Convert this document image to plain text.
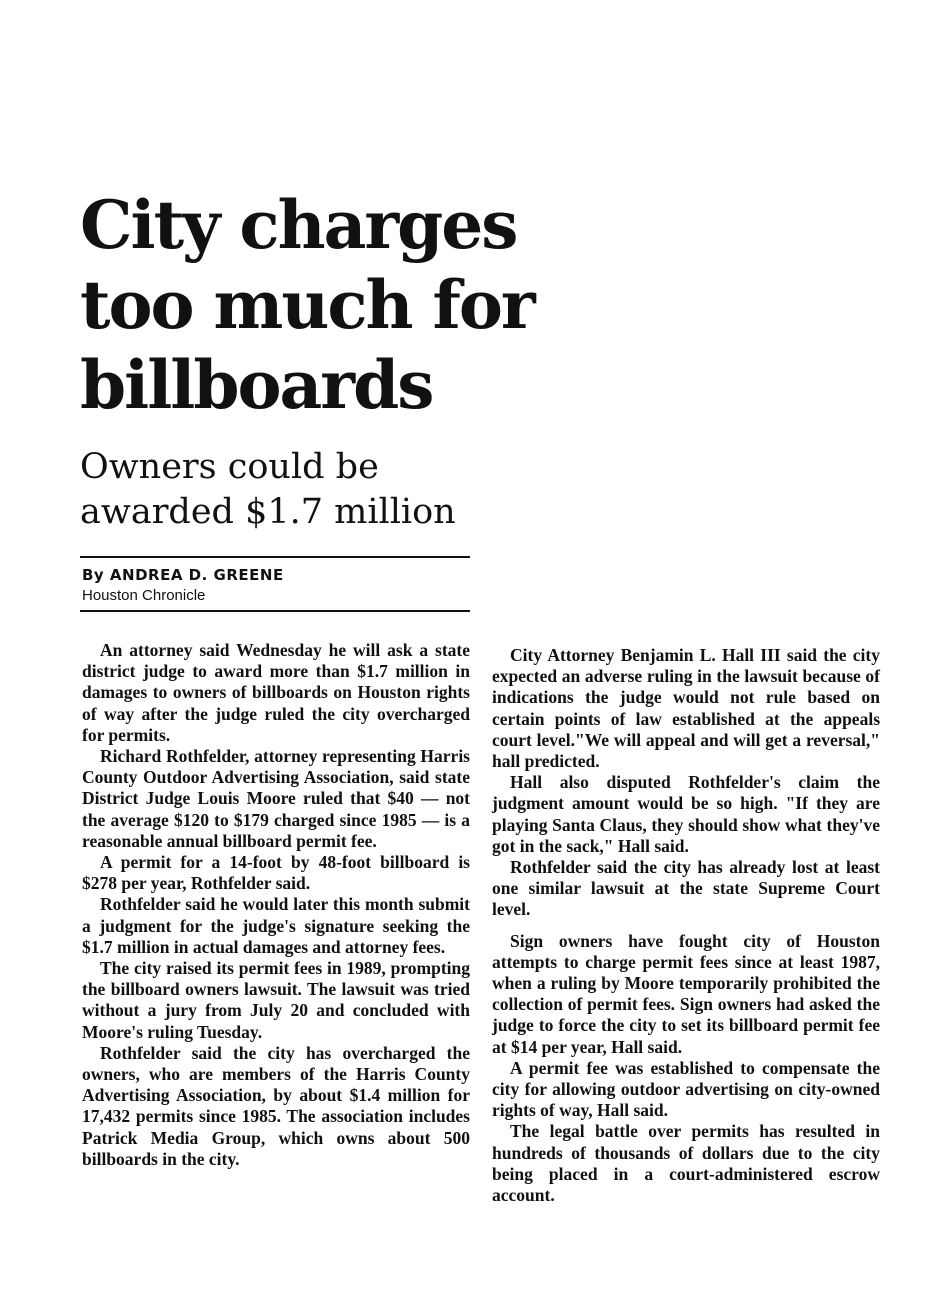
City charges
too much for
billboards
Owners could be
awarded $1.7 million
By ANDREA D. GREENE
Houston Chronicle

An attorney said Wednesday he will ask a state district judge to award more than $1.7 million in damages to owners of billboards on Houston rights of way after the judge ruled the city overcharged for permits.

Richard Rothfelder, attorney representing Harris County Outdoor Advertising Association, said state District Judge Louis Moore ruled that $40 — not the average $120 to $179 charged since 1985 — is a reasonable annual billboard permit fee.

A permit for a 14-foot by 48-foot billboard is $278 per year, Rothfelder said.

Rothfelder said he would later this month submit a judgment for the judge's signature seeking the $1.7 million in actual damages and attorney fees.

The city raised its permit fees in 1989, prompting the billboard owners lawsuit. The lawsuit was tried without a jury from July 20 and concluded with Moore's ruling Tuesday.

Rothfelder said the city has overcharged the owners, who are members of the Harris County Advertising Association, by about $1.4 million for 17,432 permits since 1985. The association includes Patrick Media Group, which owns about 500 billboards in the city.

City Attorney Benjamin L. Hall III said the city expected an adverse ruling in the lawsuit because of indications the judge would not rule based on certain points of law established at the appeals court level."We will appeal and will get a reversal," hall predicted.

Hall also disputed Rothfelder's claim the judgment amount would be so high. "If they are playing Santa Claus, they should show what they've got in the sack," Hall said.

Rothfelder said the city has already lost at least one similar lawsuit at the state Supreme Court level.

Sign owners have fought city of Houston attempts to charge permit fees since at least 1987, when a ruling by Moore temporarily prohibited the collection of permit fees. Sign owners had asked the judge to force the city to set its billboard permit fee at $14 per year, Hall said.

A permit fee was established to compensate the city for allowing outdoor advertising on city-owned rights of way, Hall said.

The legal battle over permits has resulted in hundreds of thousands of dollars due to the city being placed in a court-administered escrow account.
